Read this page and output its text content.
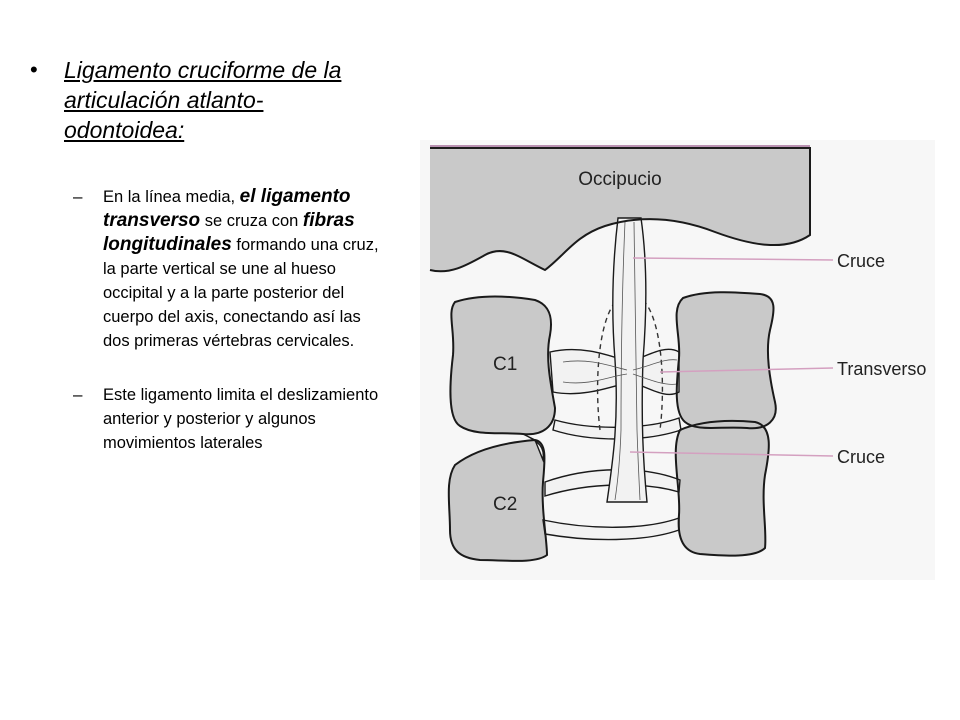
•	Ligamento cruciforme de la
articulación atlanto-
odontoidea:
–	En la línea media, el ligamento transverso se cruza con fibras longitudinales formando una cruz, la parte vertical se une al hueso occipital y a la parte posterior del cuerpo del axis, conectando así las dos primeras vértebras cervicales.
–	Este ligamento limita el deslizamiento anterior y posterior y algunos movimientos laterales
Occipucio
C1
C2
Cruce
Transverso
Cruce
